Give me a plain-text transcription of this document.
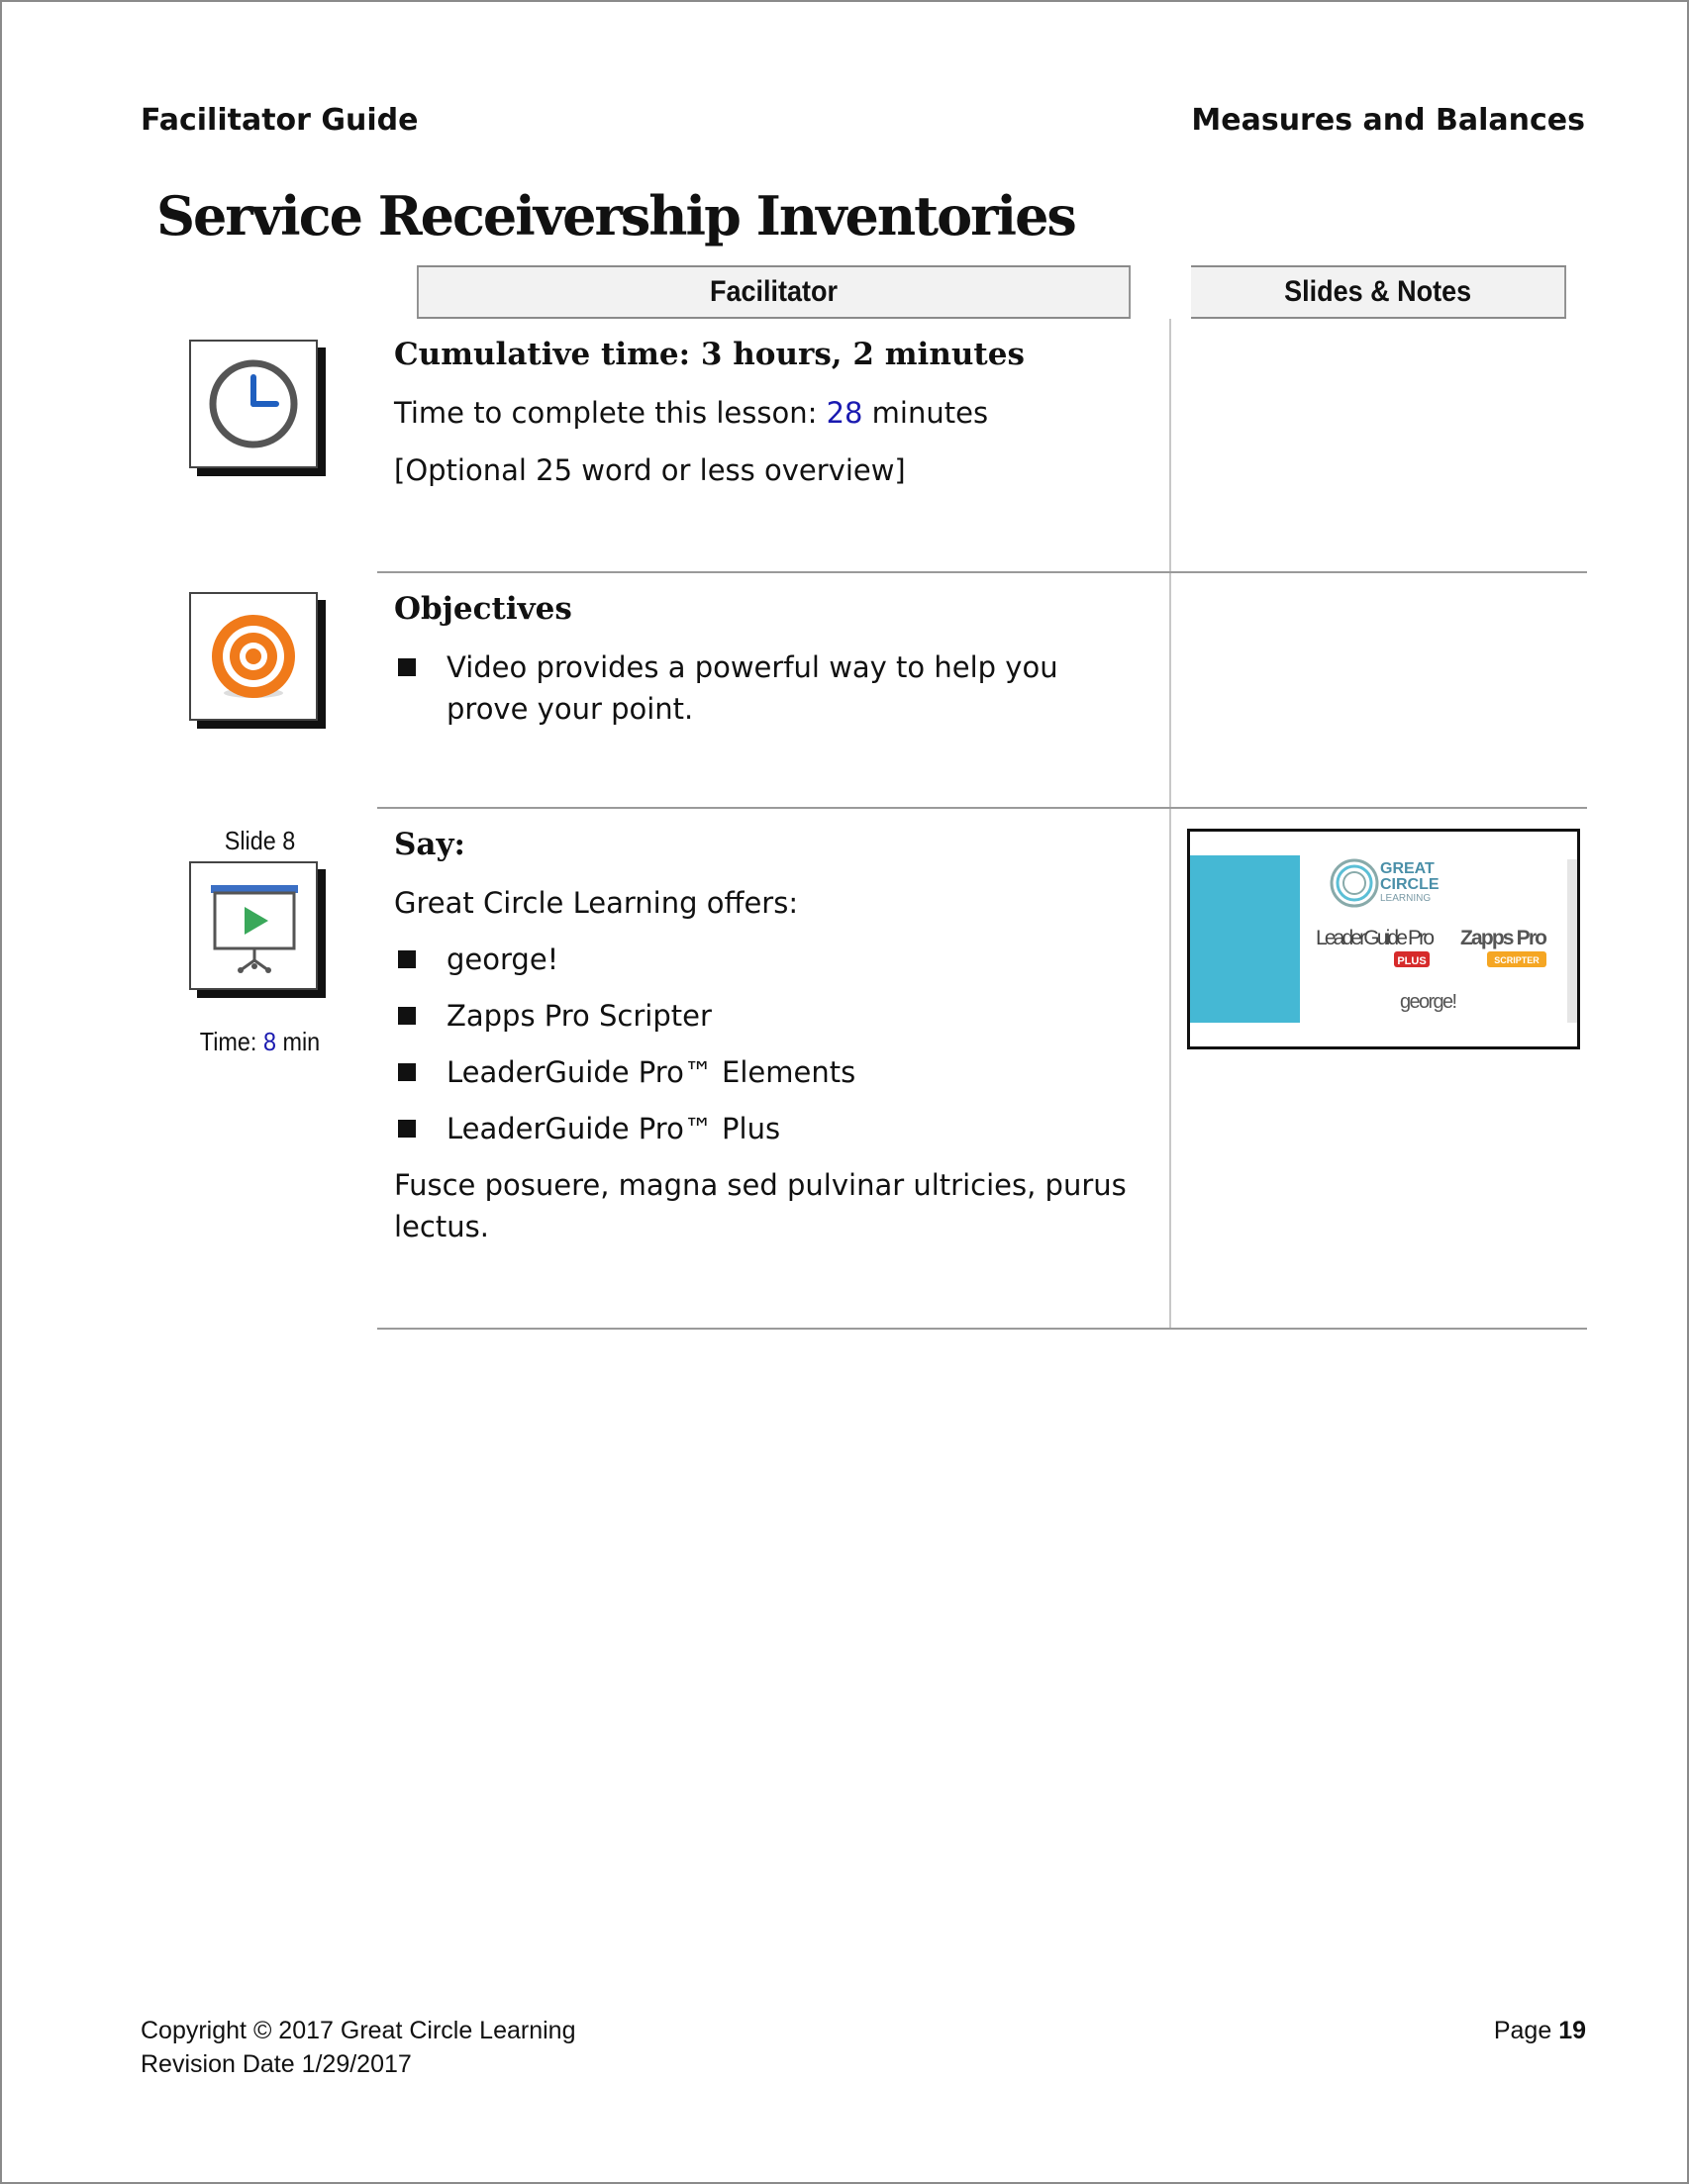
Facilitator Guide	Measures and Balances
Service Receivership Inventories
Facilitator	Slides & Notes
Cumulative time: 3 hours, 2 minutes
Time to complete this lesson: 28 minutes
[Optional 25 word or less overview]
Objectives
Video provides a powerful way to help you prove your point.
Slide 8
Time: 8 min
Say:
Great Circle Learning offers:
george!
Zapps Pro Scripter
LeaderGuide Pro™ Elements
LeaderGuide Pro™ Plus
Fusce posuere, magna sed pulvinar ultricies, purus lectus.
GREAT
CIRCLE
LEARNING
LeaderGuide Pro
PLUS
Zapps Pro
SCRIPTER
george!
Copyright © 2017 Great Circle Learning
Revision Date 1/29/2017
Page 19
